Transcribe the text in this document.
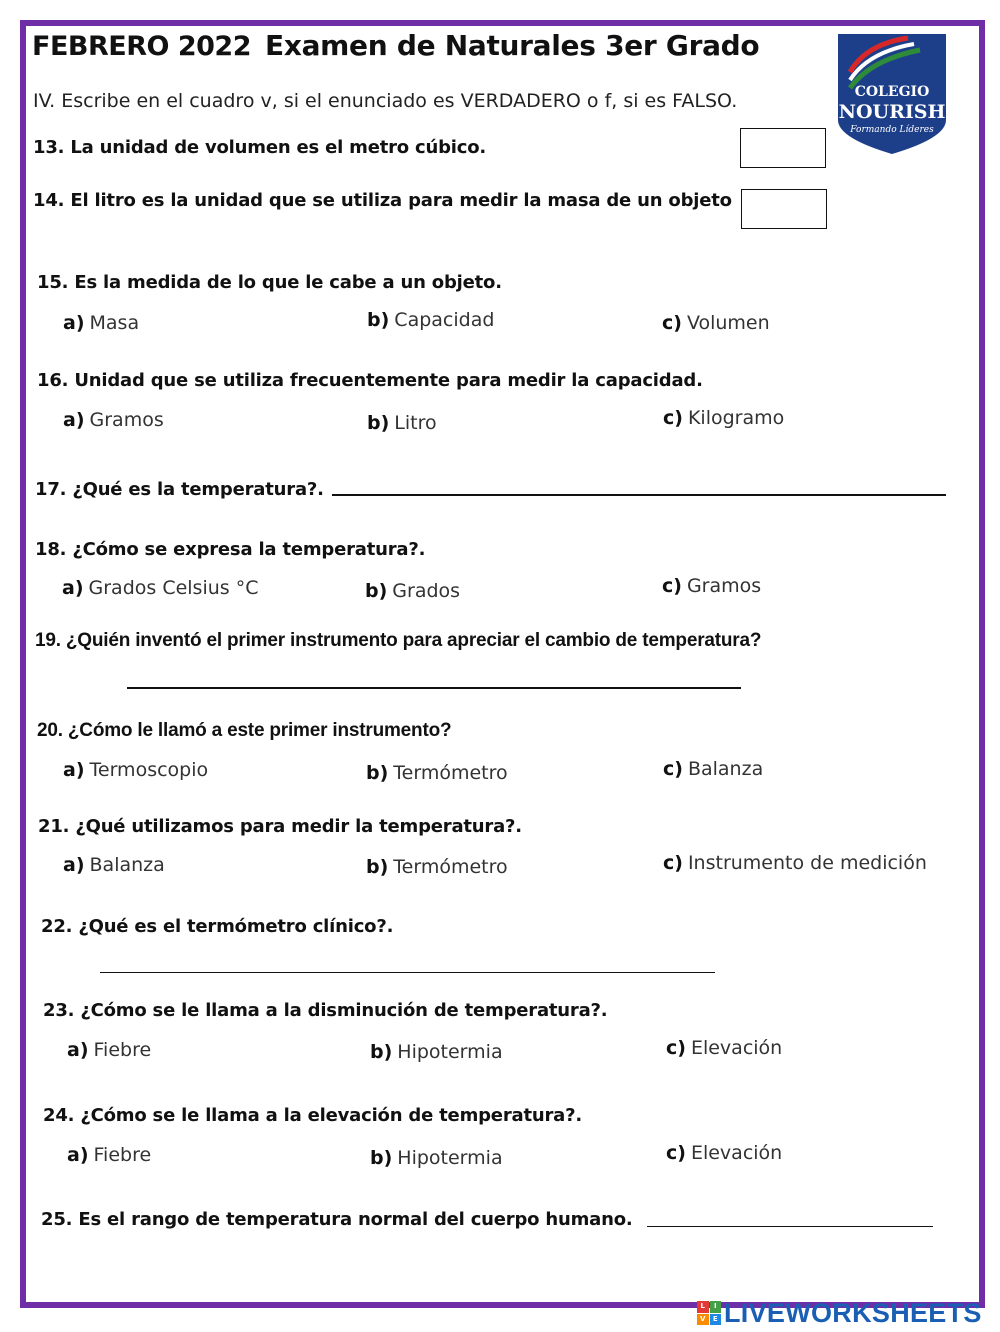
FEBRERO 2022 Examen de Naturales 3er Grado
IV. Escribe en el cuadro v, si el enunciado es VERDADERO o f, si es FALSO.	COLEGIO
NOURISH
Formando Líderes
13. La unidad de volumen es el metro cúbico.
14. El litro es la unidad que se utiliza para medir la masa de un objeto
15. Es la medida de lo que le cabe a un objeto.
a) Masa	b) Capacidad	c) Volumen
16. Unidad que se utiliza frecuentemente para medir la capacidad.
a) Gramos	b) Litro	c) Kilogramo
17. ¿Qué es la temperatura?.
18. ¿Cómo se expresa la temperatura?.
a) Grados Celsius °C	b) Grados	c) Gramos
19. ¿Quién inventó el primer instrumento para apreciar el cambio de temperatura?
20. ¿Cómo le llamó a este primer instrumento?
a) Termoscopio	b) Termómetro	c) Balanza
21. ¿Qué utilizamos para medir la temperatura?.
a) Balanza	b) Termómetro	c) Instrumento de medición
22. ¿Qué es el termómetro clínico?.
23. ¿Cómo se le llama a la disminución de temperatura?.
a) Fiebre	b) Hipotermia	c) Elevación
24. ¿Cómo se le llama a la elevación de temperatura?.
a) Fiebre	b) Hipotermia	c) Elevación
25. Es el rango de temperatura normal del cuerpo humano.
L	I
V	E LIVEWORKSHEETS
